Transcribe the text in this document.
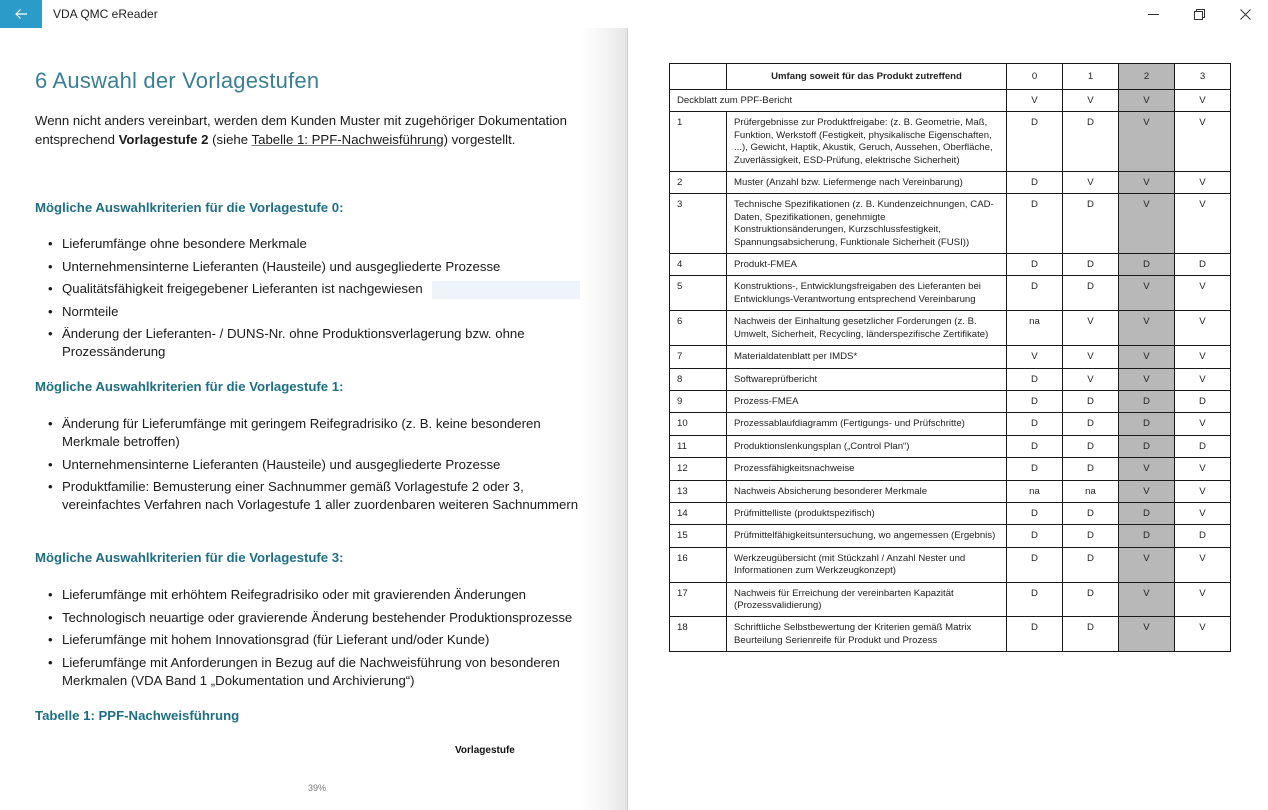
VDA QMC eReader
6 Auswahl der Vorlagestufen

Wenn nicht anders vereinbart, werden dem Kunden Muster mit zugehöriger Dokumentation entsprechend Vorlagestufe 2 (siehe Tabelle 1: PPF-Nachweisführung) vorgestellt.

Mögliche Auswahlkriterien für die Vorlagestufe 0:
• Lieferumfänge ohne besondere Merkmale
• Unternehmensinterne Lieferanten (Hausteile) und ausgegliederte Prozesse
• Qualitätsfähigkeit freigegebener Lieferanten ist nachgewiesen
• Normteile
• Änderung der Lieferanten- / DUNS-Nr. ohne Produktionsverlagerung bzw. ohne Prozessänderung
Mögliche Auswahlkriterien für die Vorlagestufe 1:
• Änderung für Lieferumfänge mit geringem Reifegradrisiko (z. B. keine besonderen Merkmale betroffen)
• Unternehmensinterne Lieferanten (Hausteile) und ausgegliederte Prozesse
• Produktfamilie: Bemusterung einer Sachnummer gemäß Vorlagestufe 2 oder 3, vereinfachtes Verfahren nach Vorlagestufe 1 aller zuordenbaren weiteren Sachnummern
Mögliche Auswahlkriterien für die Vorlagestufe 3:
• Lieferumfänge mit erhöhtem Reifegradrisiko oder mit gravierenden Änderungen
• Technologisch neuartige oder gravierende Änderung bestehender Produktionsprozesse
• Lieferumfänge mit hohem Innovationsgrad (für Lieferant und/oder Kunde)
• Lieferumfänge mit Anforderungen in Bezug auf die Nachweisführung von besonderen Merkmalen (VDA Band 1 „Dokumentation und Archivierung“)
Tabelle 1: PPF-Nachweisführung
Vorlagestufe
39%
	Umfang soweit für das Produkt zutreffend	0	1	2	3
Deckblatt zum PPF-Bericht		V	V	V	V
1	Prüfergebnisse zur Produktfreigabe: (z. B. Geometrie, Maß, Funktion, Werkstoff (Festigkeit, physikalische Eigenschaften, ...), Gewicht, Haptik, Akustik, Geruch, Aussehen, Oberfläche, Zuverlässigkeit, ESD-Prüfung, elektrische Sicherheit)	D	D	V	V
2	Muster (Anzahl bzw. Liefermenge nach Vereinbarung)	D	V	V	V
3	Technische Spezifikationen (z. B. Kundenzeichnungen, CAD-Daten, Spezifikationen, genehmigte Konstruktionsänderungen, Kurzschlussfestigkeit, Spannungsabsicherung, Funktionale Sicherheit (FUSI))	D	D	V	V
4	Produkt-FMEA	D	D	D	D
5	Konstruktions-, Entwicklungsfreigaben des Lieferanten bei Entwicklungs-Verantwortung entsprechend Vereinbarung	D	D	V	V
6	Nachweis der Einhaltung gesetzlicher Forderungen (z. B. Umwelt, Sicherheit, Recycling, länderspezifische Zertifikate)	na	V	V	V
7	Materialdatenblatt per IMDS*	V	V	V	V
8	Softwareprüfbericht	D	V	V	V
9	Prozess-FMEA	D	D	D	D
10	Prozessablaufdiagramm (Fertigungs- und Prüfschritte)	D	D	D	V
11	Produktionslenkungsplan („Control Plan“)	D	D	D	D
12	Prozessfähigkeitsnachweise	D	D	V	V
13	Nachweis Absicherung besonderer Merkmale	na	na	V	V
14	Prüfmittelliste (produktspezifisch)	D	D	D	V
15	Prüfmittelfähigkeitsuntersuchung, wo angemessen (Ergebnis)	D	D	D	D
16	Werkzeugübersicht (mit Stückzahl / Anzahl Nester und Informationen zum Werkzeugkonzept)	D	D	V	V
17	Nachweis für Erreichung der vereinbarten Kapazität (Prozessvalidierung)	D	D	V	V
18	Schriftliche Selbstbewertung der Kriterien gemäß Matrix Beurteilung Serienreife für Produkt und Prozess	D	D	V	V
